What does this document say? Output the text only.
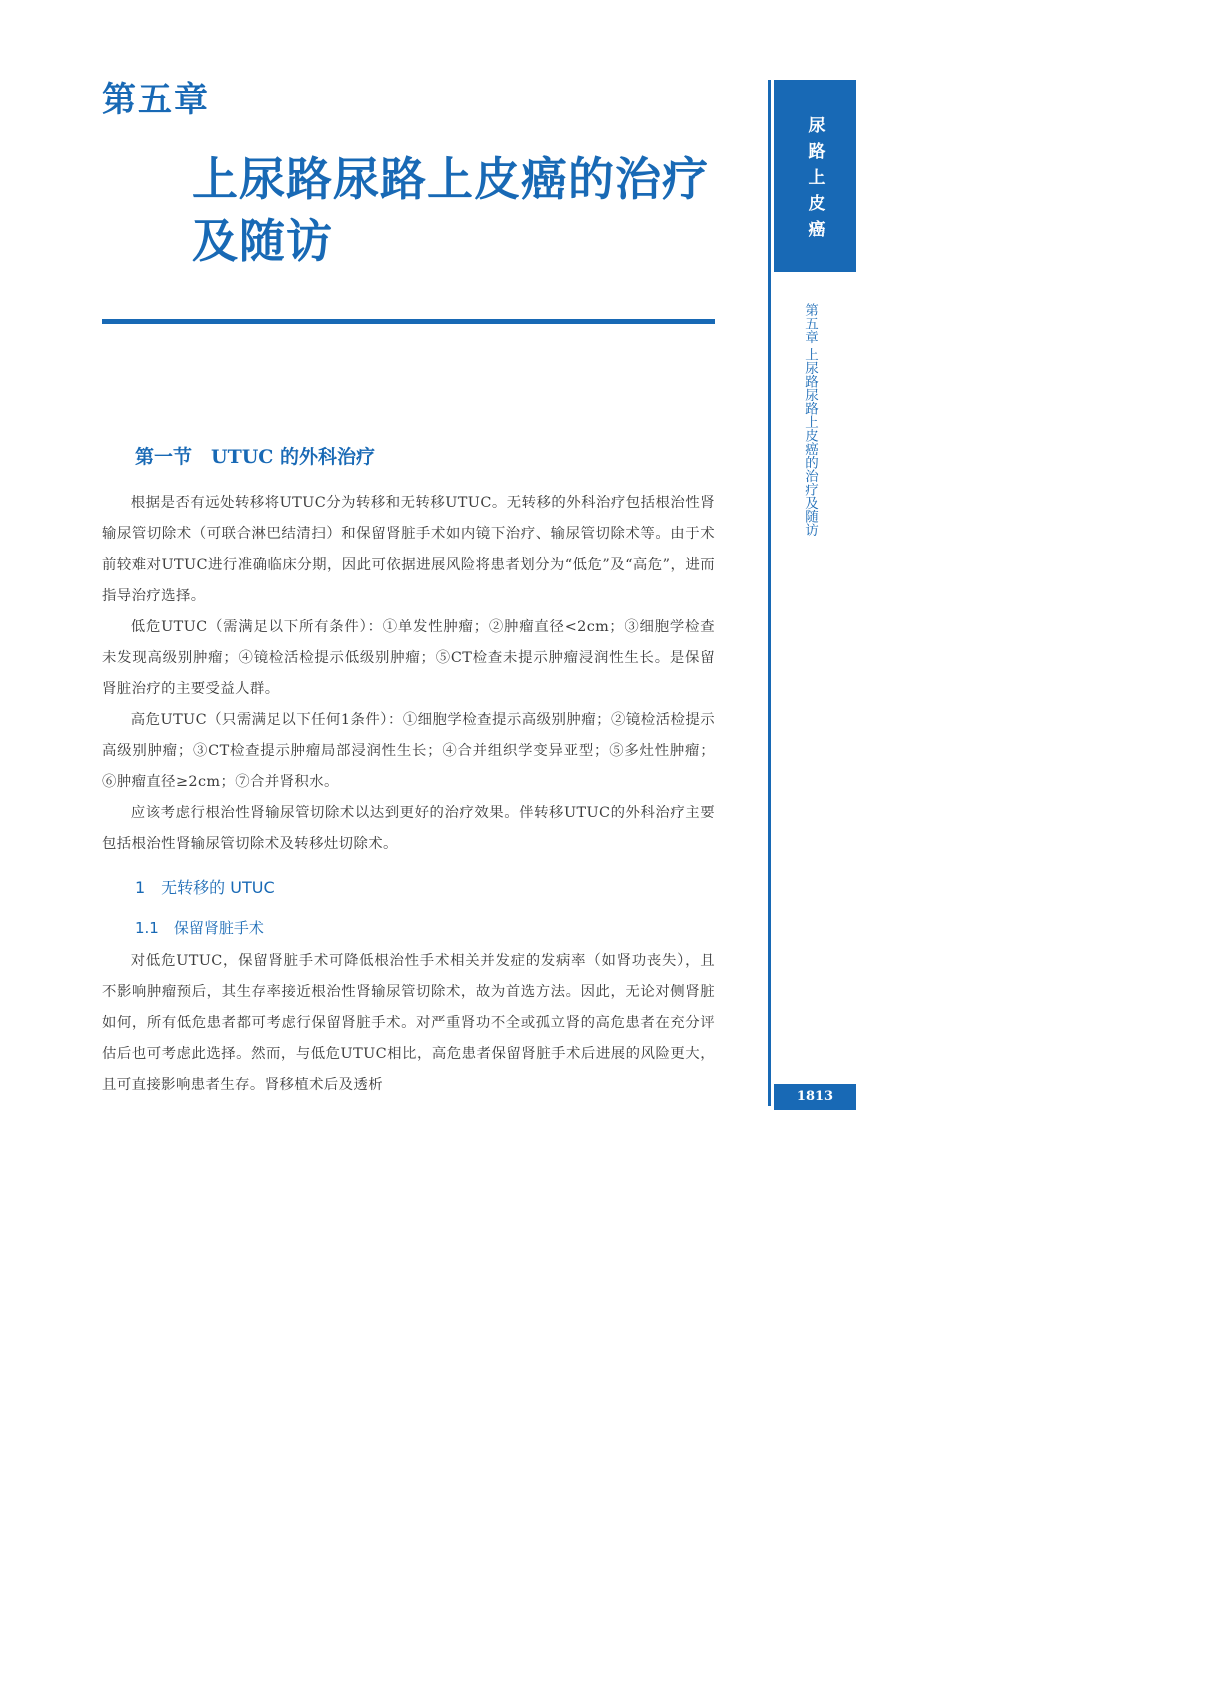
第五章
上尿路尿路上皮癌的治疗及随访
第一节　UTUC 的外科治疗

根据是否有远处转移将UTUC分为转移和无转移UTUC。无转移的外科治疗包括根治性肾输尿管切除术（可联合淋巴结清扫）和保留肾脏手术如内镜下治疗、输尿管切除术等。由于术前较难对UTUC进行准确临床分期，因此可依据进展风险将患者划分为“低危”及“高危”，进而指导治疗选择。

低危UTUC（需满足以下所有条件）：①单发性肿瘤；②肿瘤直径<2cm；③细胞学检查未发现高级别肿瘤；④镜检活检提示低级别肿瘤；⑤CT检查未提示肿瘤浸润性生长。是保留肾脏治疗的主要受益人群。

高危UTUC（只需满足以下任何1条件）：①细胞学检查提示高级别肿瘤；②镜检活检提示高级别肿瘤；③CT检查提示肿瘤局部浸润性生长；④合并组织学变异亚型；⑤多灶性肿瘤；⑥肿瘤直径≥2cm；⑦合并肾积水。

应该考虑行根治性肾输尿管切除术以达到更好的治疗效果。伴转移UTUC的外科治疗主要包括根治性肾输尿管切除术及转移灶切除术。

1　无转移的 UTUC
1.1　保留肾脏手术

对低危UTUC，保留肾脏手术可降低根治性手术相关并发症的发病率（如肾功丧失），且不影响肿瘤预后，其生存率接近根治性肾输尿管切除术，故为首选方法。因此，无论对侧肾脏如何，所有低危患者都可考虑行保留肾脏手术。对严重肾功不全或孤立肾的高危患者在充分评估后也可考虑此选择。然而，与低危UTUC相比，高危患者保留肾脏手术后进展的风险更大，且可直接影响患者生存。肾移植术后及透析

尿路上皮癌
第五章 上尿路尿路上皮癌的治疗及随访
1813
